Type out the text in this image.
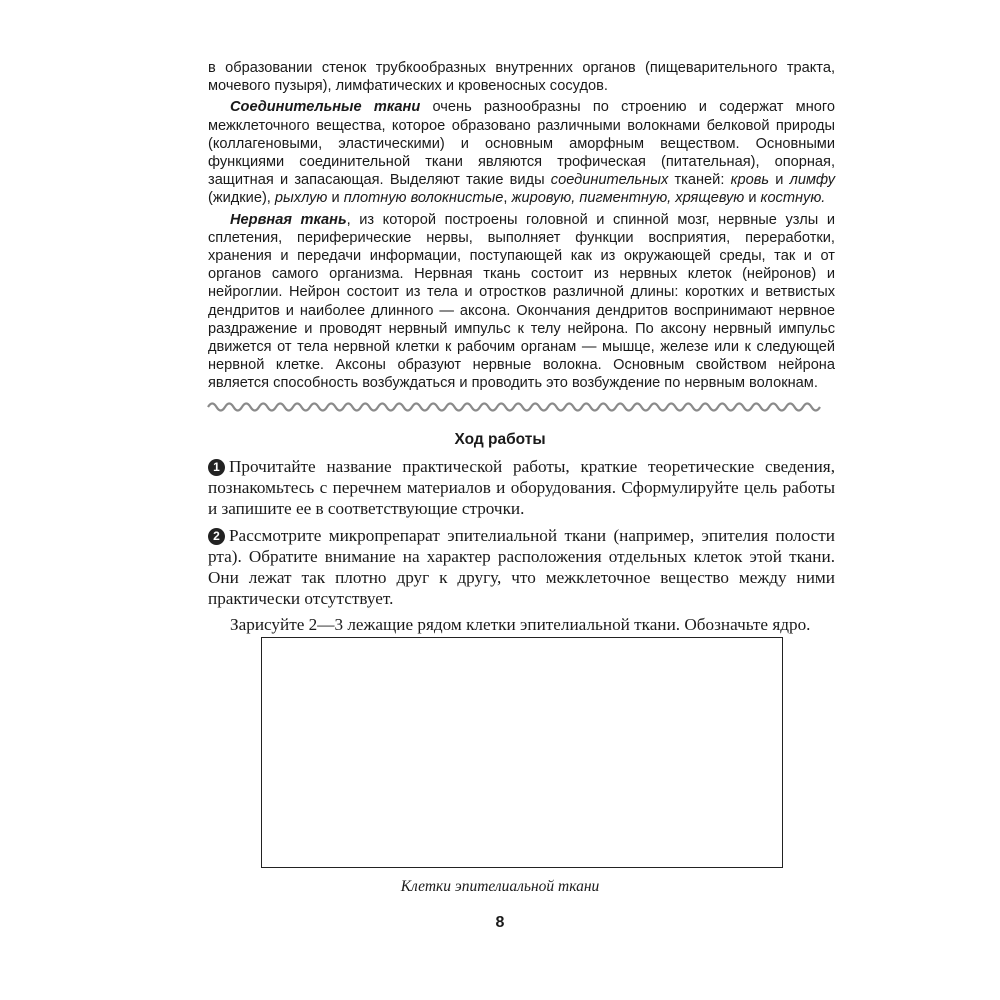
в образовании стенок трубкообразных внутренних органов (пищеварительного тракта, мочевого пузыря), лимфатических и кровеносных сосудов.

Соединительные ткани очень разнообразны по строению и содержат много межклеточного вещества, которое образовано различными волокнами белковой природы (коллагеновыми, эластическими) и основным аморфным веществом. Основными функциями соединительной ткани являются трофическая (питательная), опорная, защитная и запасающая. Выделяют такие виды соединительных тканей: кровь и лимфу (жидкие), рыхлую и плотную волокнистые, жировую, пигментную, хрящевую и костную.

Нервная ткань, из которой построены головной и спинной мозг, нервные узлы и сплетения, периферические нервы, выполняет функции восприятия, переработки, хранения и передачи информации, поступающей как из окружающей среды, так и от органов самого организма. Нервная ткань состоит из нервных клеток (нейронов) и нейроглии. Нейрон состоит из тела и отростков различной длины: коротких и ветвистых дендритов и наиболее длинного — аксона. Окончания дендритов воспринимают нервное раздражение и проводят нервный импульс к телу нейрона. По аксону нервный импульс движется от тела нервной клетки к рабочим органам — мышце, железе или к следующей нервной клетке. Аксоны образуют нервные волокна. Основным свойством нейрона является способность возбуждаться и проводить это возбуждение по нервным волокнам.

Ход работы

1 Прочитайте название практической работы, краткие теоретические сведения, познакомьтесь с перечнем материалов и оборудования. Сформулируйте цель работы и запишите ее в соответствующие строчки.

2 Рассмотрите микропрепарат эпителиальной ткани (например, эпителия полости рта). Обратите внимание на характер расположения отдельных клеток этой ткани. Они лежат так плотно друг к другу, что межклеточное вещество между ними практически отсутствует.

Зарисуйте 2—3 лежащие рядом клетки эпителиальной ткани. Обозначьте ядро.

Клетки эпителиальной ткани
8
